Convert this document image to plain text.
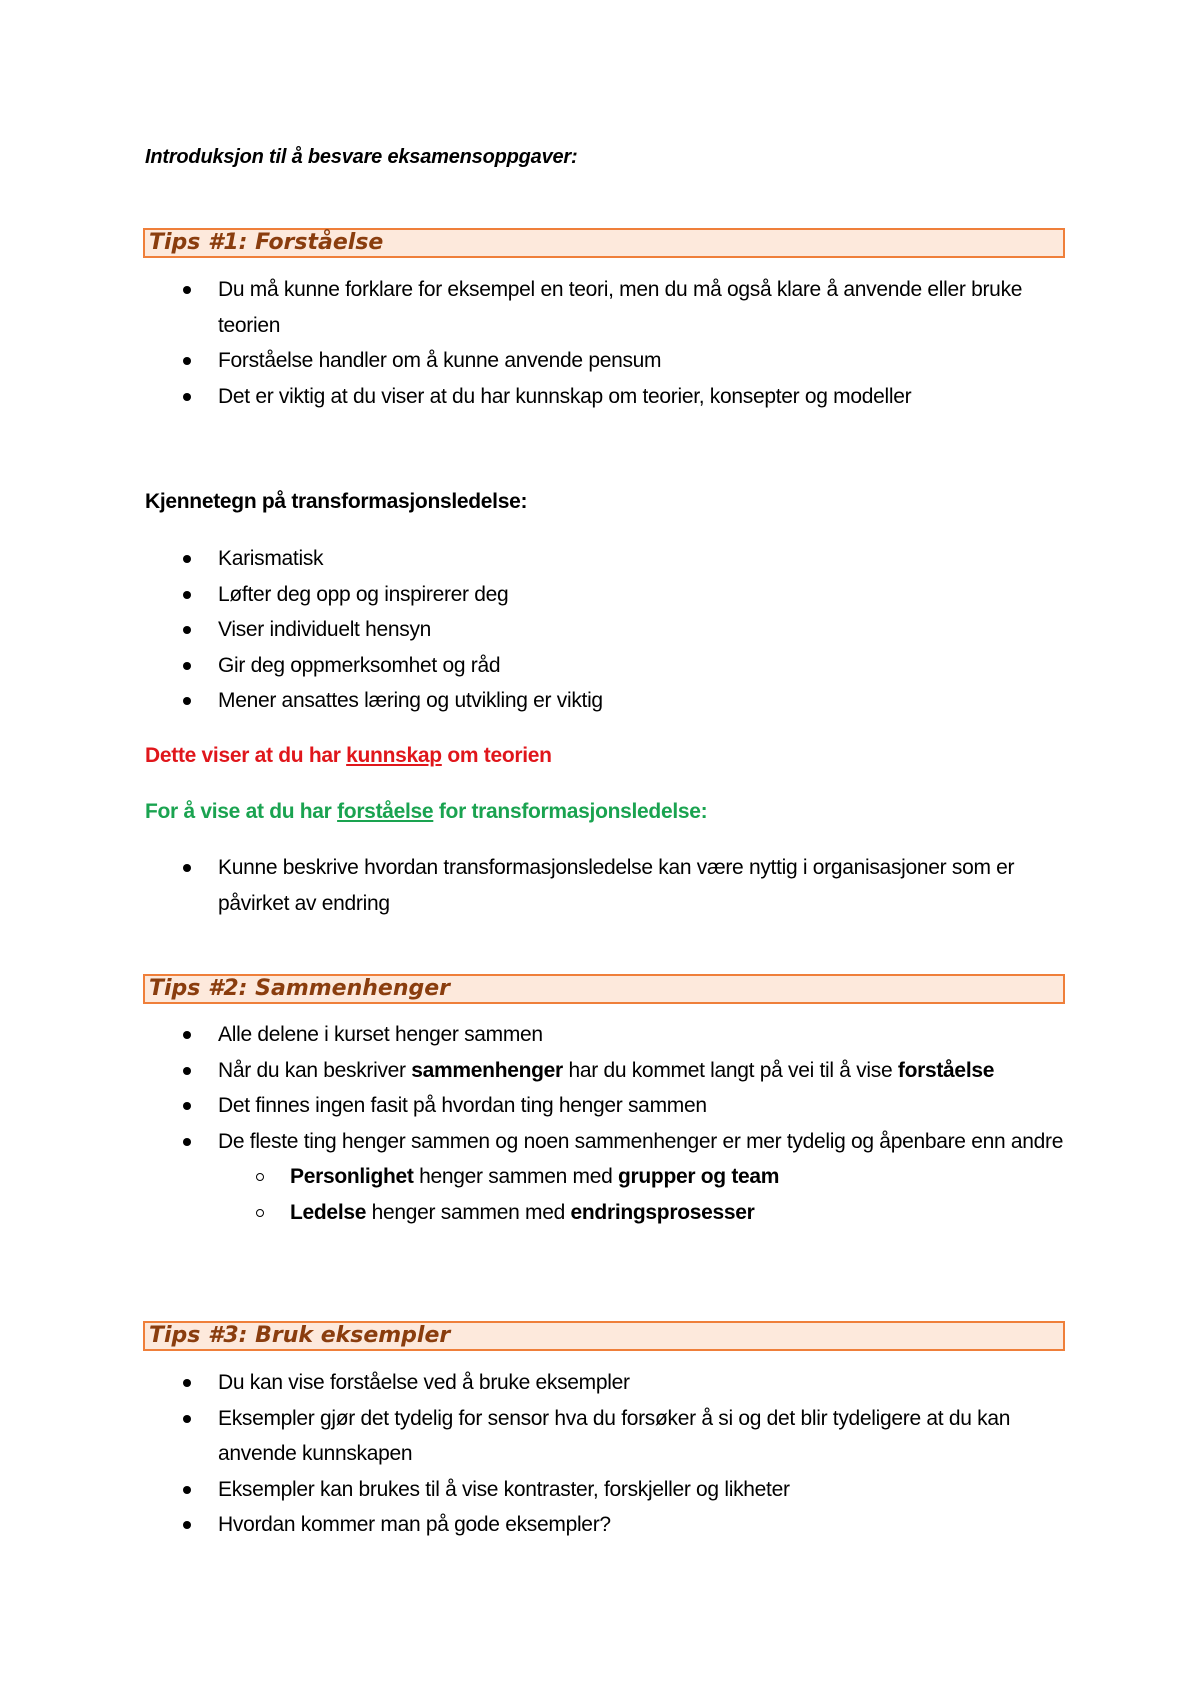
Introduksjon til å besvare eksamensoppgaver:
Tips #1: Forståelse
Du må kunne forklare for eksempel en teori, men du må også klare å anvende eller bruke teorien
Forståelse handler om å kunne anvende pensum
Det er viktig at du viser at du har kunnskap om teorier, konsepter og modeller
Kjennetegn på transformasjonsledelse:
Karismatisk
Løfter deg opp og inspirerer deg
Viser individuelt hensyn
Gir deg oppmerksomhet og råd
Mener ansattes læring og utvikling er viktig
Dette viser at du har kunnskap om teorien
For å vise at du har forståelse for transformasjonsledelse:
Kunne beskrive hvordan transformasjonsledelse kan være nyttig i organisasjoner som er påvirket av endring
Tips #2: Sammenhenger
Alle delene i kurset henger sammen
Når du kan beskriver sammenhenger har du kommet langt på vei til å vise forståelse
Det finnes ingen fasit på hvordan ting henger sammen
De fleste ting henger sammen og noen sammenhenger er mer tydelig og åpenbare enn andre
Personlighet henger sammen med grupper og team
Ledelse henger sammen med endringsprosesser
Tips #3: Bruk eksempler
Du kan vise forståelse ved å bruke eksempler
Eksempler gjør det tydelig for sensor hva du forsøker å si og det blir tydeligere at du kan anvende kunnskapen
Eksempler kan brukes til å vise kontraster, forskjeller og likheter
Hvordan kommer man på gode eksempler?
